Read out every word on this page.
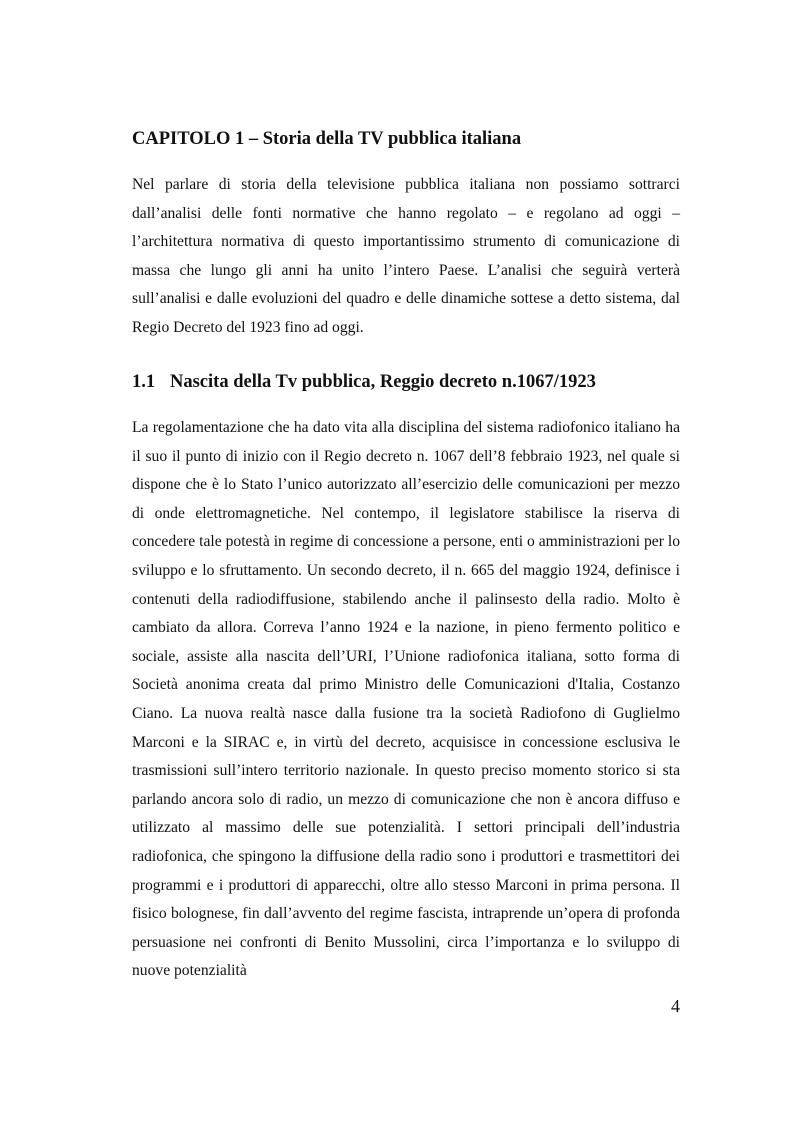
CAPITOLO 1 – Storia della TV pubblica italiana

Nel parlare di storia della televisione pubblica italiana non possiamo sottrarci dall’analisi delle fonti normative che hanno regolato – e regolano ad oggi – l’architettura normativa di questo importantissimo strumento di comunicazione di massa che lungo gli anni ha unito l’intero Paese. L’analisi che seguirà verterà sull’analisi e dalle evoluzioni del quadro e delle dinamiche sottese a detto sistema, dal Regio Decreto del 1923 fino ad oggi.

1.1 Nascita della Tv pubblica, Reggio decreto n.1067/1923

La regolamentazione che ha dato vita alla disciplina del sistema radiofonico italiano ha il suo il punto di inizio con il Regio decreto n. 1067 dell’8 febbraio 1923, nel quale si dispone che è lo Stato l’unico autorizzato all’esercizio delle comunicazioni per mezzo di onde elettromagnetiche. Nel contempo, il legislatore stabilisce la riserva di concedere tale potestà in regime di concessione a persone, enti o amministrazioni per lo sviluppo e lo sfruttamento. Un secondo decreto, il n. 665 del maggio 1924, definisce i contenuti della radiodiffusione, stabilendo anche il palinsesto della radio. Molto è cambiato da allora. Correva l’anno 1924 e la nazione, in pieno fermento politico e sociale, assiste alla nascita dell’URI, l’Unione radiofonica italiana, sotto forma di Società anonima creata dal primo Ministro delle Comunicazioni d'Italia, Costanzo Ciano. La nuova realtà nasce dalla fusione tra la società Radiofono di Guglielmo Marconi e la SIRAC e, in virtù del decreto, acquisisce in concessione esclusiva le trasmissioni sull’intero territorio nazionale. In questo preciso momento storico si sta parlando ancora solo di radio, un mezzo di comunicazione che non è ancora diffuso e utilizzato al massimo delle sue potenzialità. I settori principali dell’industria radiofonica, che spingono la diffusione della radio sono i produttori e trasmettitori dei programmi e i produttori di apparecchi, oltre allo stesso Marconi in prima persona. Il fisico bolognese, fin dall’avvento del regime fascista, intraprende un’opera di profonda persuasione nei confronti di Benito Mussolini, circa l’importanza e lo sviluppo di nuove potenzialità

4
